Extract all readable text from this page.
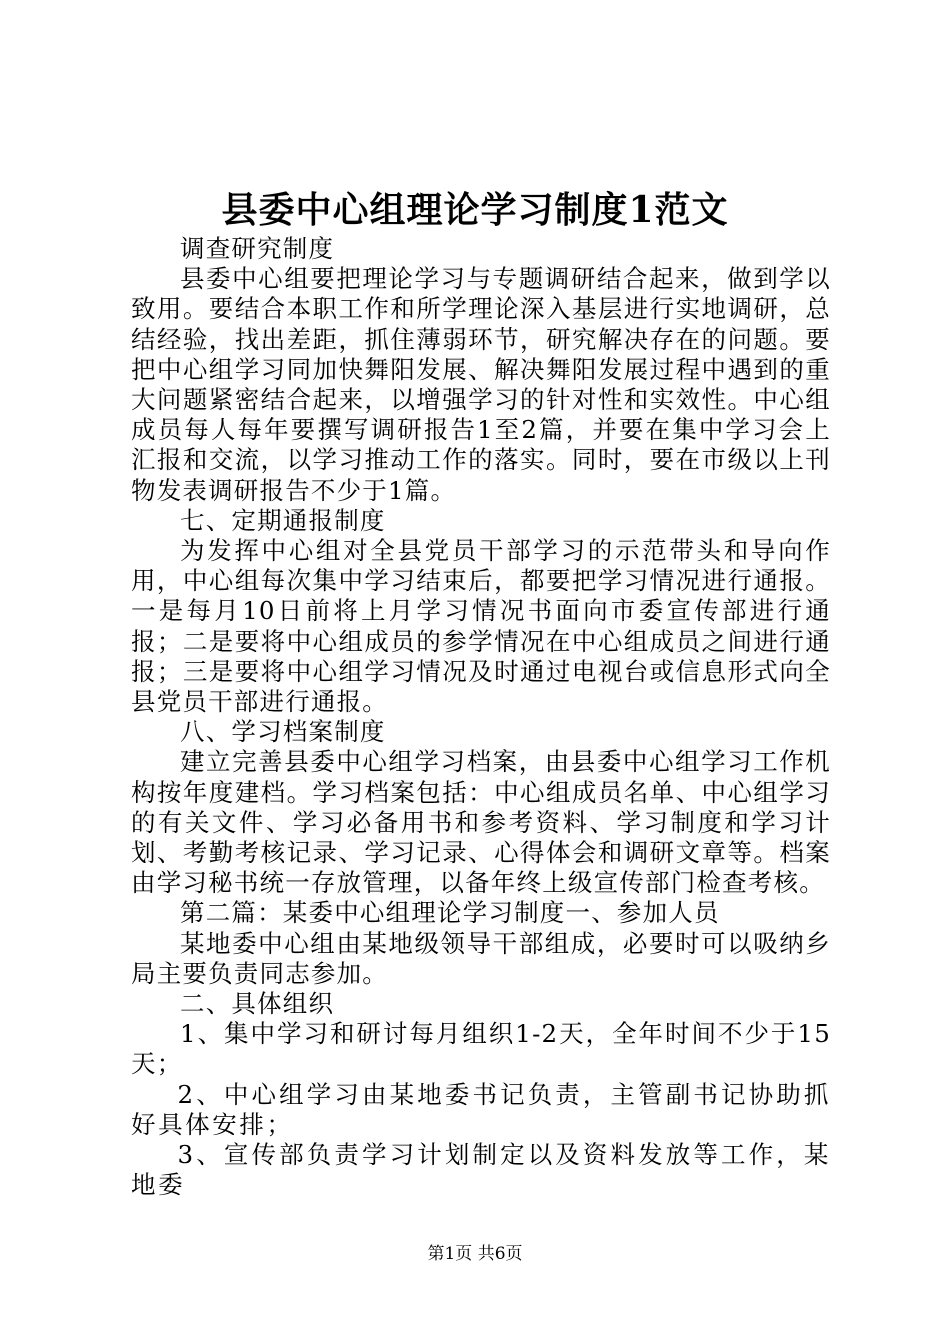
县委中心组理论学习制度1范文

调查研究制度

县委中心组要把理论学习与专题调研结合起来，做到学以致用。要结合本职工作和所学理论深入基层进行实地调研，总结经验，找出差距，抓住薄弱环节，研究解决存在的问题。要把中心组学习同加快舞阳发展、解决舞阳发展过程中遇到的重大问题紧密结合起来，以增强学习的针对性和实效性。中心组成员每人每年要撰写调研报告1至2篇，并要在集中学习会上汇报和交流，以学习推动工作的落实。同时，要在市级以上刊物发表调研报告不少于1篇。

七、定期通报制度

为发挥中心组对全县党员干部学习的示范带头和导向作用，中心组每次集中学习结束后，都要把学习情况进行通报。一是每月10日前将上月学习情况书面向市委宣传部进行通报；二是要将中心组成员的参学情况在中心组成员之间进行通报；三是要将中心组学习情况及时通过电视台或信息形式向全县党员干部进行通报。

八、学习档案制度

建立完善县委中心组学习档案，由县委中心组学习工作机构按年度建档。学习档案包括：中心组成员名单、中心组学习的有关文件、学习必备用书和参考资料、学习制度和学习计划、考勤考核记录、学习记录、心得体会和调研文章等。档案由学习秘书统一存放管理，以备年终上级宣传部门检查考核。

第二篇：某委中心组理论学习制度一、参加人员

某地委中心组由某地级领导干部组成，必要时可以吸纳乡局主要负责同志参加。

二、具体组织

1、集中学习和研讨每月组织1-2天，全年时间不少于15天；

2、中心组学习由某地委书记负责，主管副书记协助抓好具体安排；

3、宣传部负责学习计划制定以及资料发放等工作，某地委

第1页 共6页
